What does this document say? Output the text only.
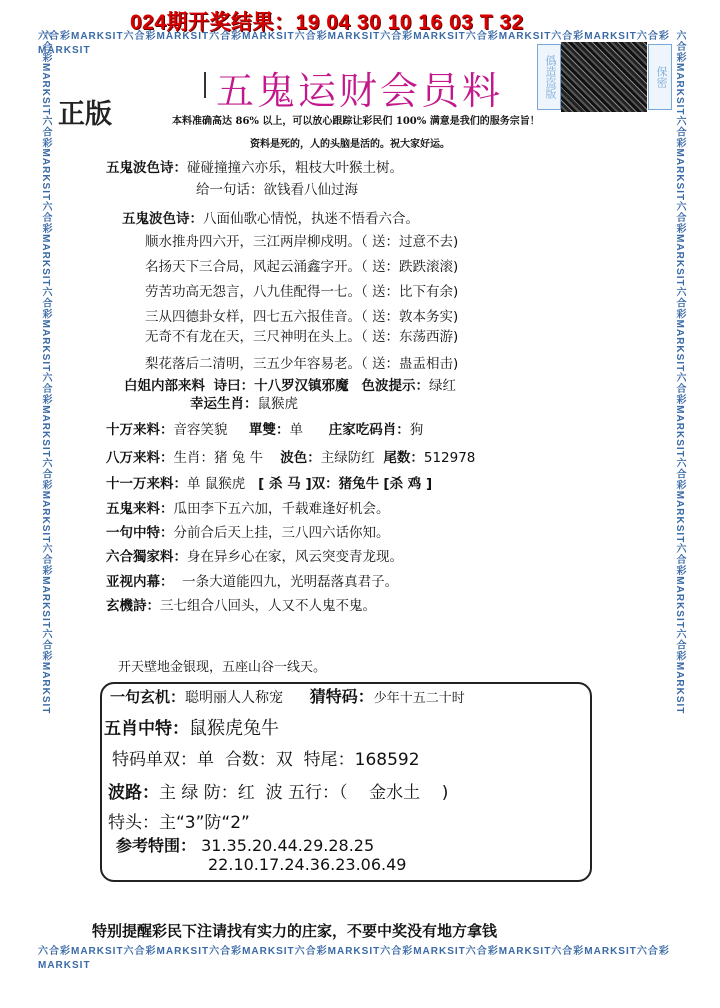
024期开奖结果：19 04 30 10 16 03 T 32
六合彩MARKSIT六合彩MARKSIT六合彩MARKSIT六合彩MARKSIT六合彩MARKSIT六合彩MARKSIT六合彩MARKSIT六合彩MARKSIT
六合彩MARKSIT六合彩MARKSIT六合彩MARKSIT六合彩MARKSIT六合彩MARKSIT六合彩MARKSIT六合彩MARKSIT六合彩MARKSIT
六合彩MARKSIT六合彩MARKSIT六合彩MARKSIT六合彩MARKSIT六合彩MARKSIT六合彩MARKSIT六合彩MARKSIT六合彩MARKSIT	六合彩MARKSIT六合彩MARKSIT六合彩MARKSIT六合彩MARKSIT六合彩MARKSIT六合彩MARKSIT六合彩MARKSIT六合彩MARKSIT
五鬼运财会员料
正版
僞造盗版	保密
本料准确高达 86% 以上，可以放心跟踪让彩民们 100% 满意是我们的服务宗旨！
资料是死的，人的头脑是活的。祝大家好运。
五鬼波色诗：碰碰撞撞六亦乐，粗枝大叶猴土树。
给一句话：欲钱看八仙过海
五鬼波色诗：八面仙歌心情悦，执迷不悟看六合。
顺水推舟四六开，三江两岸柳戍明。（ 送：过意不去)
名扬天下三合局，风起云涌鑫字开。（ 送：跌跌滚滚)
劳苦功高无怨言，八九佳配得一七。（ 送：比下有余)
三从四德卦女样，四七五六报佳音。（ 送：敦本务实)
无奇不有龙在天，三尺神明在头上。（ 送：东荡西游)
梨花落后二清明，三五少年容易老。（ 送：蛊盂相击)
白姐内部来料 诗曰：十八罗汉镇邪魔 色波提示：绿红
幸运生肖：鼠猴虎
十万来料：音容笑貌 單雙：单 庄家吃码肖：狗
八万来料：生肖：猪 兔 牛 波色：主绿防红 尾数：512978
十一万来料：单 鼠猴虎 [ 杀 马 ]双：猪兔牛 [杀 鸡 ]
五鬼来料：瓜田李下五六加，千载难逢好机会。
一句中特：分前合后天上挂，三八四六话你知。
六合獨家料：身在异乡心在家，风云突变青龙现。
亚视内幕： 一条大道能四九，光明磊落真君子。
玄機詩：三七组合八回头，人又不人鬼不鬼。
开天壁地金银现，五座山谷一线天。
一句玄机：聪明丽人人称宠 猜特码：少年十五二十时
五肖中特：鼠猴虎兔牛
特码单双：单 合数：双 特尾：168592
波路：主 绿 防：红 波 五行：（ 金水土 )
特头：主“3”防“2”
参考特围： 31.35.20.44.29.28.25
22.10.17.24.36.23.06.49
特别提醒彩民下注请找有实力的庄家，不要中奖没有地方拿钱
